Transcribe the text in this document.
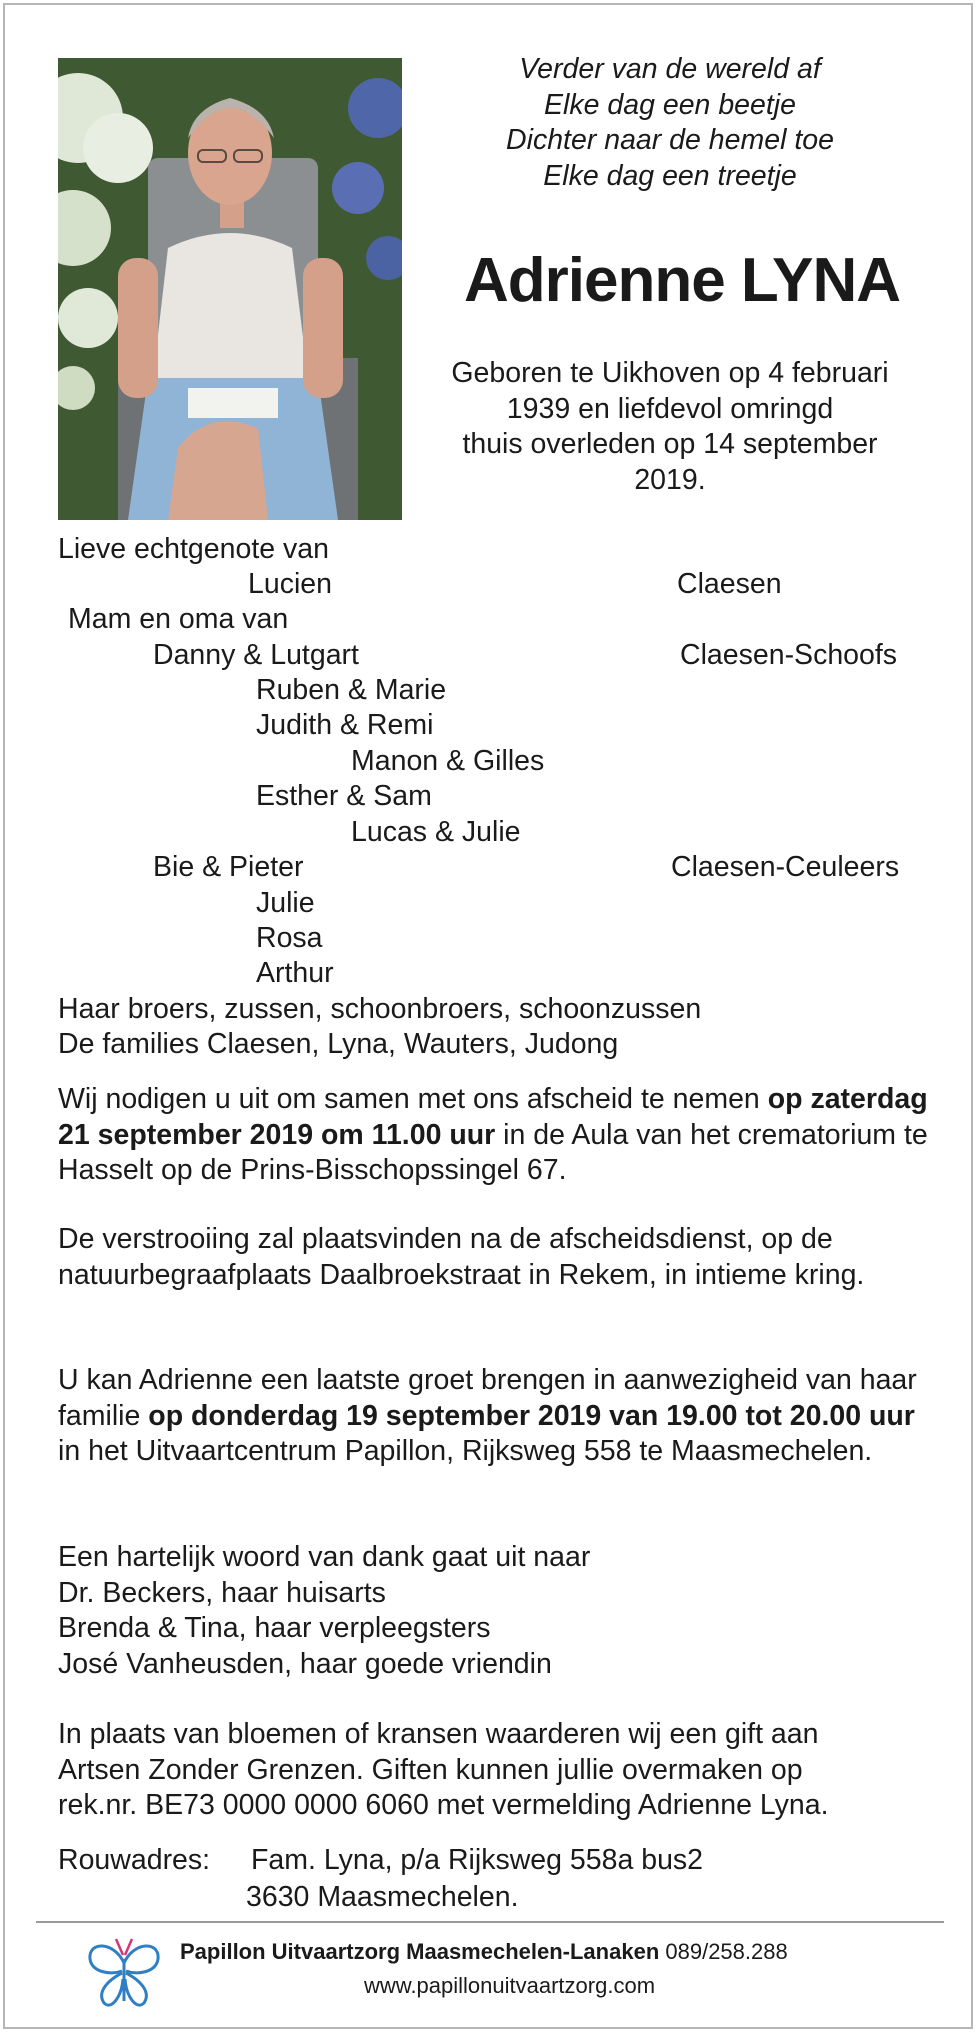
Verder van de wereld af
Elke dag een beetje
Dichter naar de hemel toe
Elke dag een treetje
Adrienne LYNA
Geboren te Uikhoven op 4 februari
1939 en liefdevol omringd
thuis overleden op 14 september
2019.
Lieve echtgenote van
Lucien	Claesen
Mam en oma van
Danny & Lutgart	Claesen-Schoofs
Ruben & Marie
Judith & Remi
Manon & Gilles
Esther & Sam
Lucas & Julie
Bie & Pieter	Claesen-Ceuleers
Julie
Rosa
Arthur
Haar broers, zussen, schoonbroers, schoonzussen
De families Claesen, Lyna, Wauters, Judong
Wij nodigen u uit om samen met ons afscheid te nemen op zaterdag 21 september 2019 om 11.00 uur in de Aula van het crematorium te Hasselt op de Prins-Bisschopssingel 67.
De verstrooiing zal plaatsvinden na de afscheidsdienst, op de natuurbegraafplaats Daalbroekstraat in Rekem, in intieme kring.
U kan Adrienne een laatste groet brengen in aanwezigheid van haar familie op donderdag 19 september 2019 van 19.00 tot 20.00 uur in het Uitvaartcentrum Papillon, Rijksweg 558 te Maasmechelen.
Een hartelijk woord van dank gaat uit naar
Dr. Beckers, haar huisarts
Brenda & Tina, haar verpleegsters
José Vanheusden, haar goede vriendin
In plaats van bloemen of kransen waarderen wij een gift aan
Artsen Zonder Grenzen. Giften kunnen jullie overmaken op
rek.nr. BE73 0000 0000 6060 met vermelding Adrienne Lyna.
Rouwadres: Fam. Lyna, p/a Rijksweg 558a bus2
3630 Maasmechelen.
Papillon Uitvaartzorg Maasmechelen-Lanaken 089/258.288
www.papillonuitvaartzorg.com
